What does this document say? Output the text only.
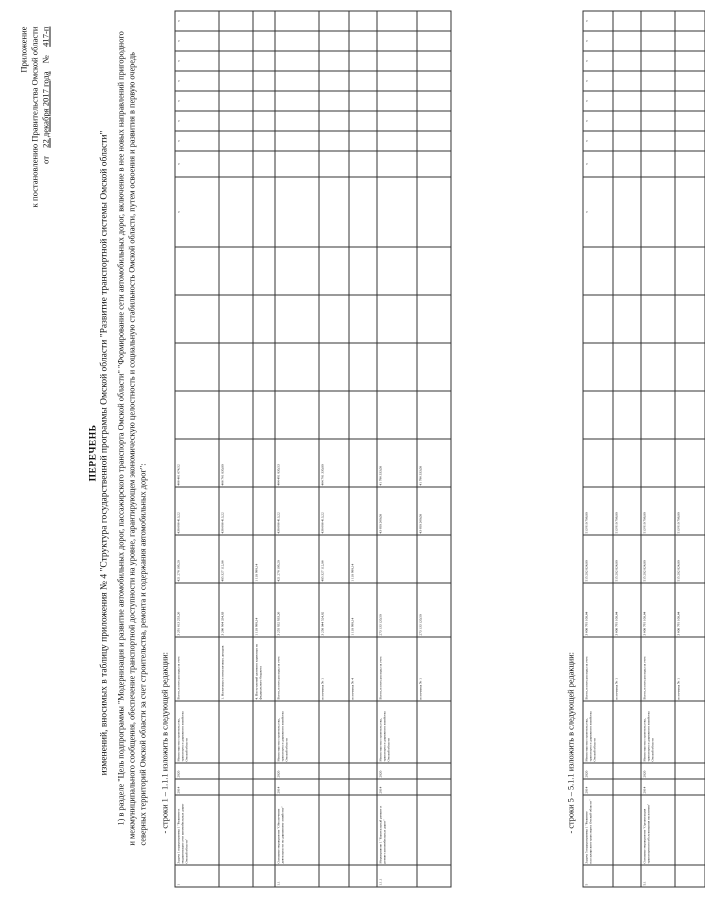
Приложение к постановлению Правительства Омской области от 22 декабря 2017 года № 417-п
ПЕРЕЧЕНЬ изменений, вносимых в таблицу приложения № 4 "Структура государственной программы Омской области "Развитие транспортной системы Омской области" 1) в разделе "Цель подпрограммы "Модернизация и развитие автомобильных дорог, пассажирского транспорта Омской области" "Формирование сети автомобильных дорог, включение в нее новых направлений пригородного и межмуниципального сообщения, обеспечение транспортной доступности на уровне, гарантирующем экономическую целостность и социальную стабильность Омской области, путем освоения и развития в первую очередь северных территорий Омской области за счет строительства, ремонта и содержания автомобильных дорог": - строки 1 – 1.1.1 изложить в следующей редакции:
1	Задача 1 подпрограммы 1 "Развитие и модернизация сети автомобильных дорог Омской области"	2014	2020	Министерство строительства, транспорта и дорожного хозяйства Омской области	Всего, из них расходы за счет:	3 291 613 253,26	421 278 109,20	438 686 413,22	466 461 674,52					x	x	x	x	x	x	x	x	x
					1. Налоговых и неналоговых доходов	3 286 964 334,83	405 327 112,06	438 686 413,22	466 761 030,00													
					4. Поступлений целевого характера из федерального бюджета	1 110 998,14	1 110 998,14															
1.1	Основное мероприятие "Обеспечение деятельности по дорожному хозяйству"	2014	2020	Министерство строительства, транспорта и дорожного хозяйства Омской области	Всего, из них расходы за счет:	3 255 932 933,26	421 278 109,20	438 686 413,22	464 491 830,53													
					источника № 1	3 250 044 524,82	405 327 112,06	438 686 413,22	464 781 330,00													
					источника № 4	1 110 998,14	1 110 998,14															
1.1.1	Мероприятие 1 "Капитальный ремонт и ремонт автомобильных дорог"	2014	2020	Министерство строительства, транспорта и дорожного хозяйства Омской области	Всего, из них расходы за счет:	273 133 120,50		43 650 260,00	41 786 333,00													
					источника № 1	273 133 120,50		43 650 260,00	41 786 333,00													
- строки 5 – 5.1.1 изложить в следующей редакции:
5	Задача 5 подпрограммы 1 "Развитие пассажирского транспорта Омской области"	2014	2020	Министерство строительства, транспорта и дорожного хозяйства Омской области	Всего, из них расходы за счет:	3 600 795 100,64	515 202 024,00	513 910 708,00						x	x	x	x	x	x	x	x	x
					источника № 1	3 600 795 100,64	515 202 024,00	513 910 708,00														
5.1	Основное мероприятие "Организация транспортного обслуживания населения"	2014	2020	Министерство строительства, транспорта и дорожного хозяйства Омской области	Всего, из них расходы за счет:	3 600 795 100,64	515 202 024,00	513 910 708,00														
					источника № 1	3 600 795 100,64	515 202 024,00	513 910 708,00														
